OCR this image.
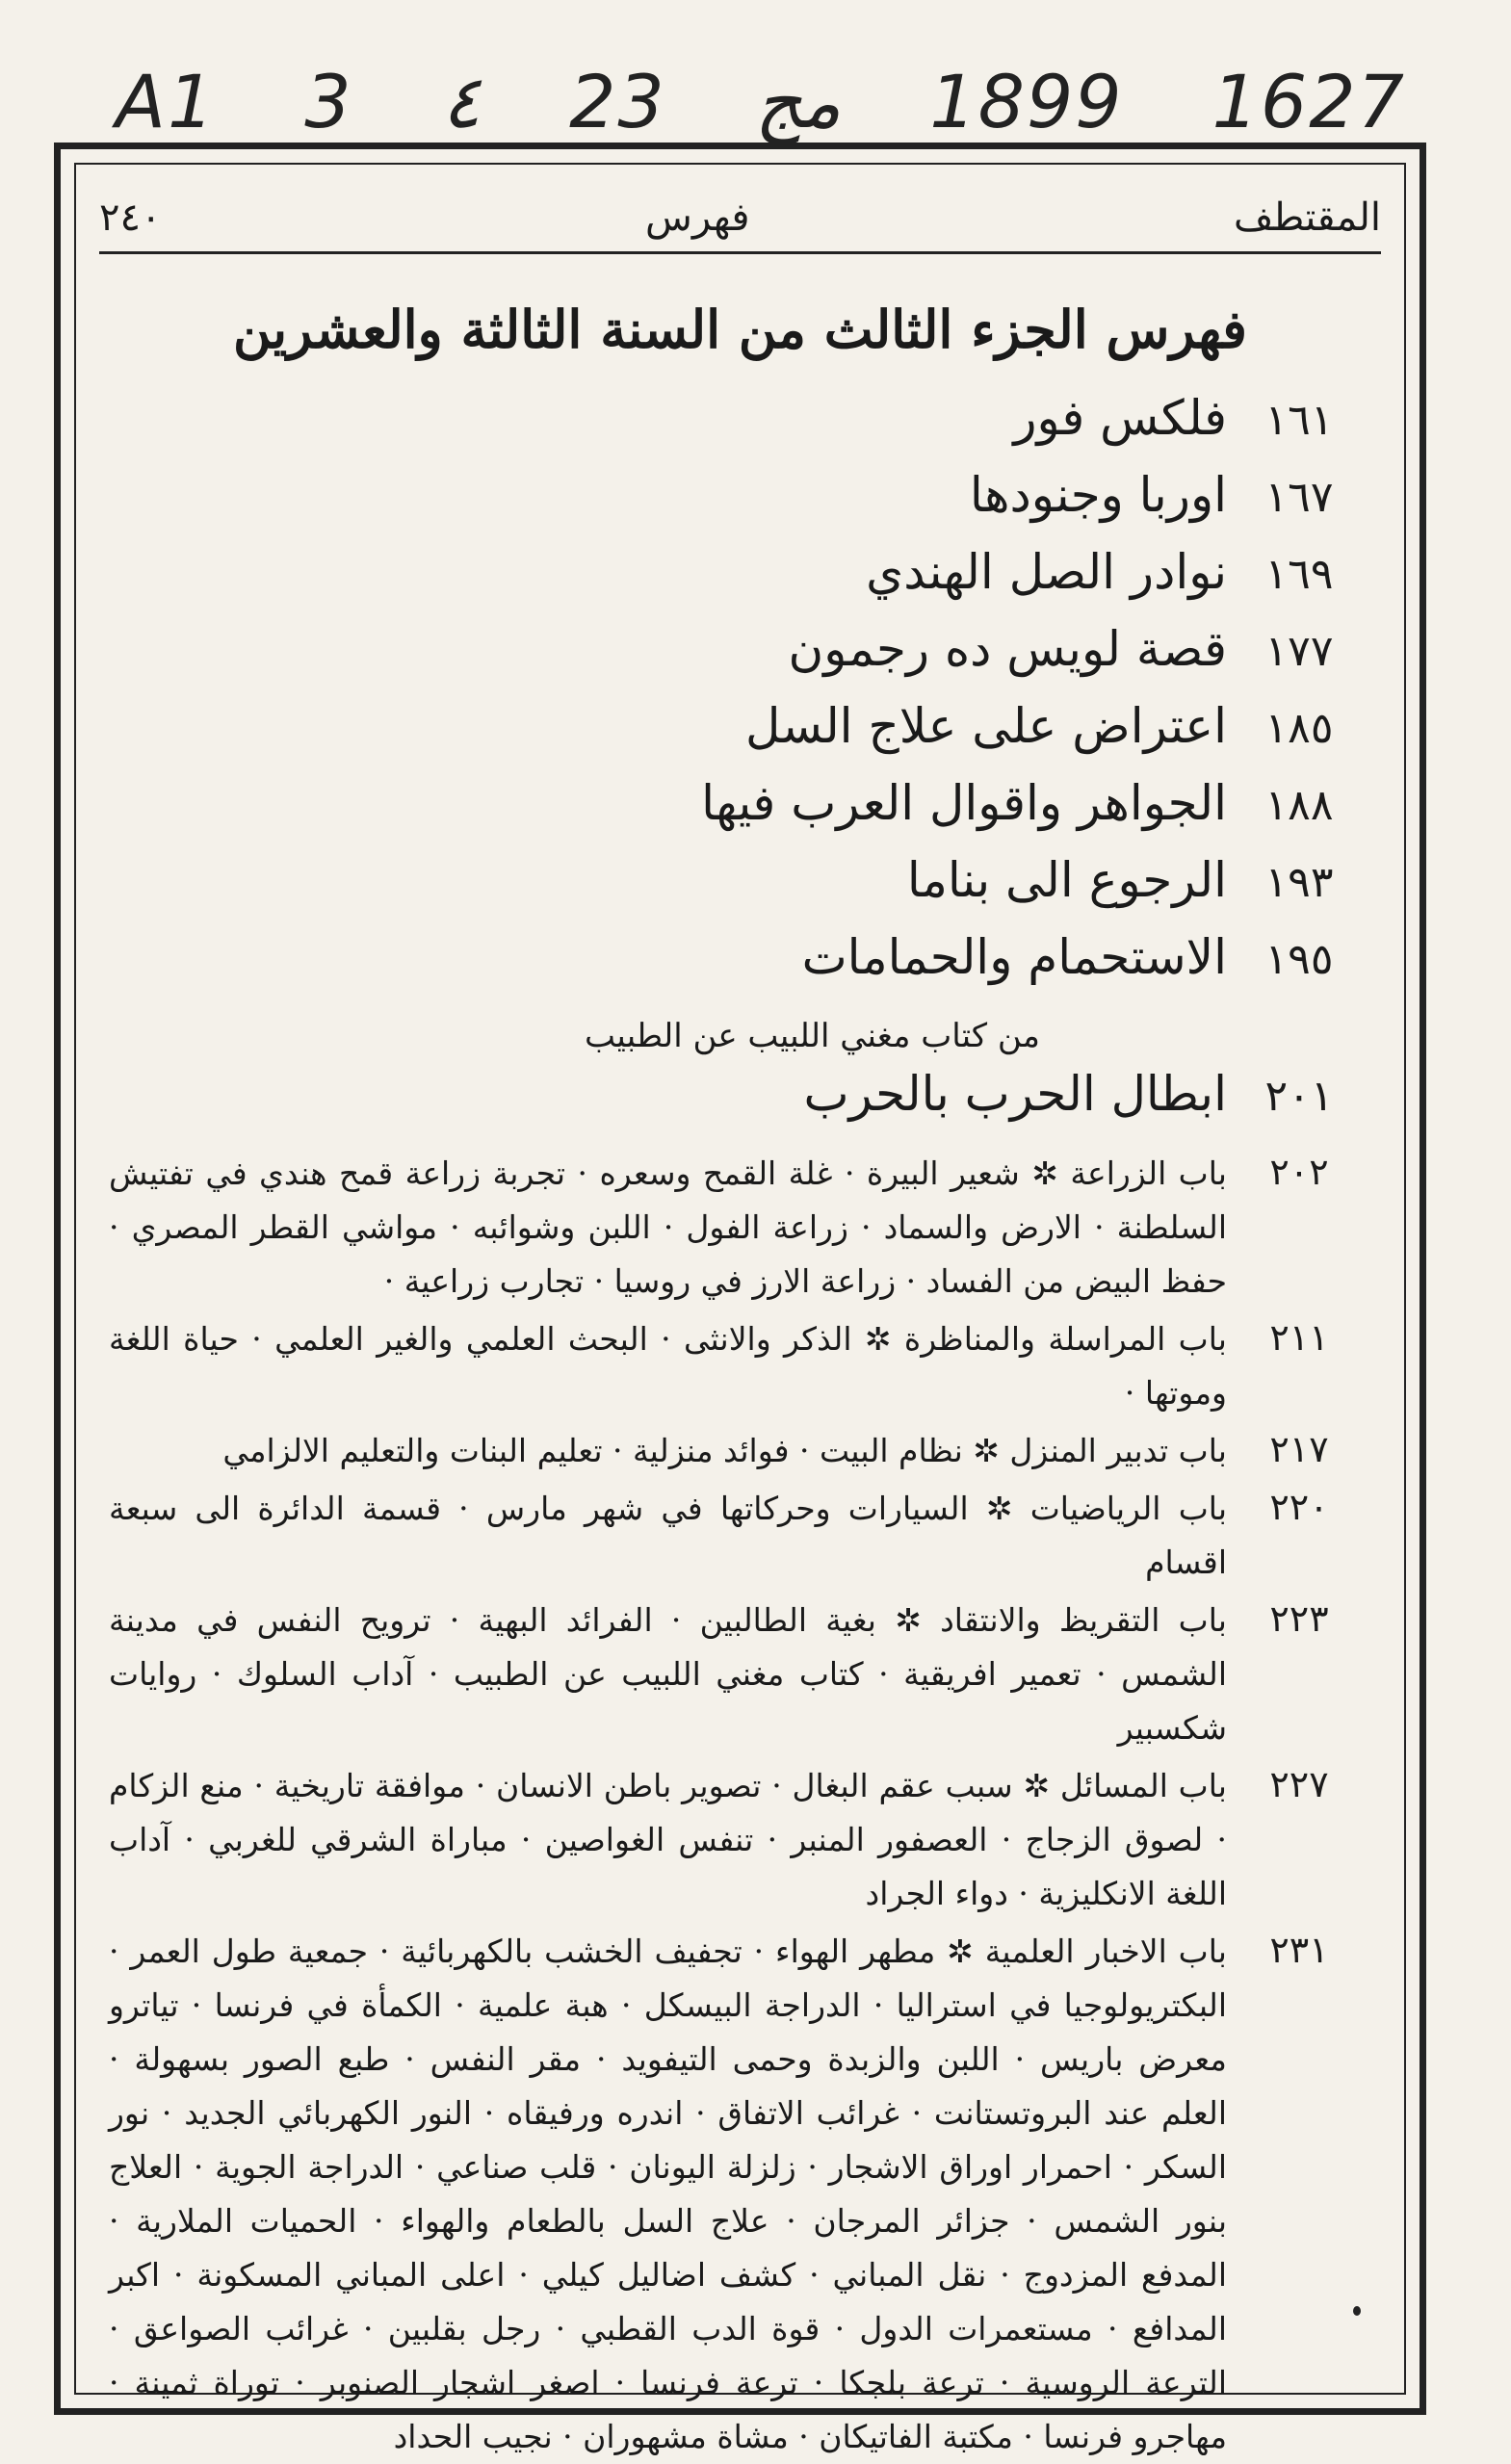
A1 3 ٤ 23 مج 1899 1627
٢٤٠	فهرس	المقتطف
فهرس الجزء الثالث من السنة الثالثة والعشرين
١٦١
فلكس فور
١٦٧
اوربا وجنودها
١٦٩
نوادر الصل الهندي
١٧٧
قصة لويس ده رجمون
١٨٥
اعتراض على علاج السل
١٨٨
الجواهر واقوال العرب فيها
١٩٣
الرجوع الى بناما
١٩٥
الاستحمام والحمامات
من كتاب مغني اللبيب عن الطبيب
٢٠١
ابطال الحرب بالحرب
٢٠٢
باب الزراعة ✲ شعير البيرة · غلة القمح وسعره · تجربة زراعة قمح هندي في تفتيش السلطنة · الارض والسماد · زراعة الفول · اللبن وشوائبه · مواشي القطر المصري · حفظ البيض من الفساد · زراعة الارز في روسيا · تجارب زراعية ·
٢١١
باب المراسلة والمناظرة ✲ الذكر والانثى · البحث العلمي والغير العلمي · حياة اللغة وموتها ·
٢١٧
باب تدبير المنزل ✲ نظام البيت · فوائد منزلية · تعليم البنات والتعليم الالزامي
٢٢٠
باب الرياضيات ✲ السيارات وحركاتها في شهر مارس · قسمة الدائرة الى سبعة اقسام
٢٢٣
باب التقريظ والانتقاد ✲ بغية الطالبين · الفرائد البهية · ترويح النفس في مدينة الشمس · تعمير افريقية · كتاب مغني اللبيب عن الطبيب · آداب السلوك · روايات شكسبير
٢٢٧
باب المسائل ✲ سبب عقم البغال · تصوير باطن الانسان · موافقة تاريخية · منع الزكام · لصوق الزجاج · العصفور المنبر · تنفس الغواصين · مباراة الشرقي للغربي · آداب اللغة الانكليزية · دواء الجراد
٢٣١
باب الاخبار العلمية ✲ مطهر الهواء · تجفيف الخشب بالكهربائية · جمعية طول العمر · البكتريولوجيا في استراليا · الدراجة البيسكل · هبة علمية · الكمأة في فرنسا · تياترو معرض باريس · اللبن والزبدة وحمى التيفويد · مقر النفس · طبع الصور بسهولة · العلم عند البروتستانت · غرائب الاتفاق · اندره ورفيقاه · النور الكهربائي الجديد · نور السكر · احمرار اوراق الاشجار · زلزلة اليونان · قلب صناعي · الدراجة الجوية · العلاج بنور الشمس · جزائر المرجان · علاج السل بالطعام والهواء · الحميات الملارية · المدفع المزدوج · نقل المباني · كشف اضاليل كيلي · اعلى المباني المسكونة · اكبر المدافع · مستعمرات الدول · قوة الدب القطبي · رجل بقلبين · غرائب الصواعق · الترعة الروسية · ترعة بلجكا · ترعة فرنسا · اصغر اشجار الصنوبر · توراة ثمينة · مهاجرو فرنسا · مكتبة الفاتيكان · مشاة مشهوران · نجيب الحداد
